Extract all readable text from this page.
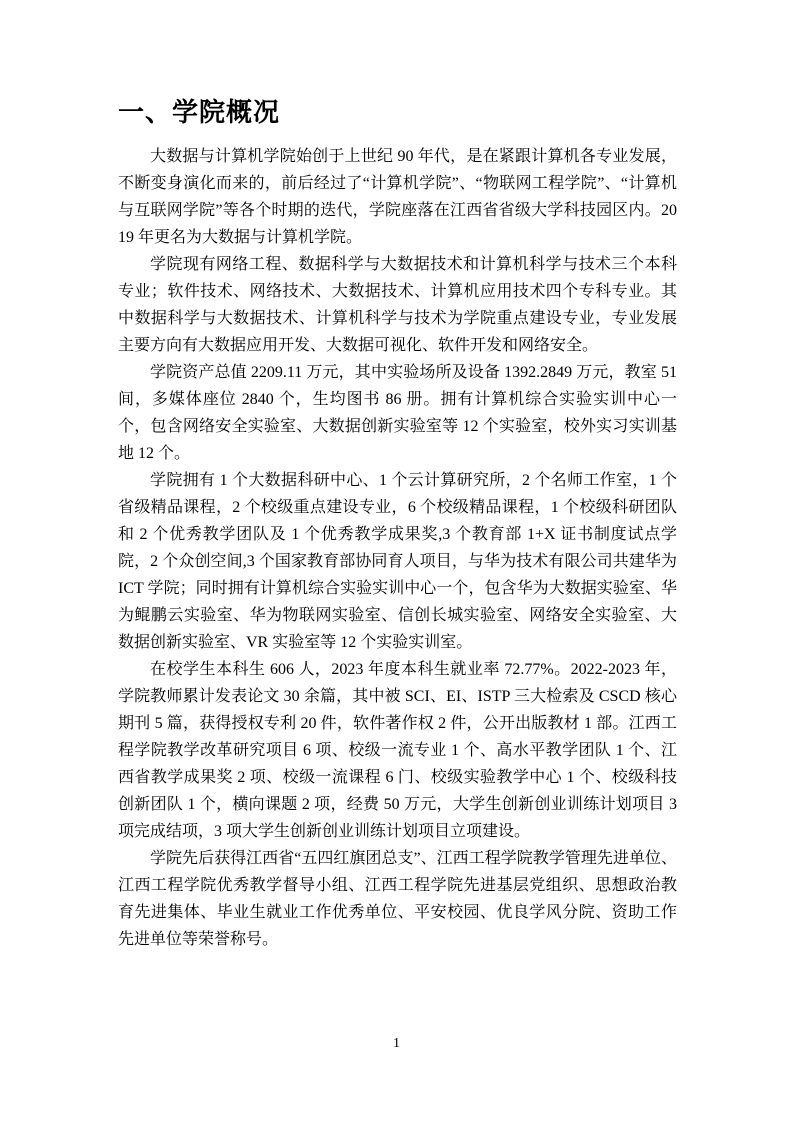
一、学院概况

大数据与计算机学院始创于上世纪 90 年代，是在紧跟计算机各专业发展，不断变身演化而来的，前后经过了“计算机学院”、“物联网工程学院”、“计算机与互联网学院”等各个时期的迭代，学院座落在江西省省级大学科技园区内。2019 年更名为大数据与计算机学院。

学院现有网络工程、数据科学与大数据技术和计算机科学与技术三个本科专业；软件技术、网络技术、大数据技术、计算机应用技术四个专科专业。其中数据科学与大数据技术、计算机科学与技术为学院重点建设专业，专业发展主要方向有大数据应用开发、大数据可视化、软件开发和网络安全。

学院资产总值 2209.11 万元，其中实验场所及设备 1392.2849 万元，教室 51 间，多媒体座位 2840 个，生均图书 86 册。拥有计算机综合实验实训中心一个，包含网络安全实验室、大数据创新实验室等 12 个实验室，校外实习实训基地 12 个。

学院拥有 1 个大数据科研中心、1 个云计算研究所，2 个名师工作室，1 个省级精品课程，2 个校级重点建设专业，6 个校级精品课程，1 个校级科研团队和 2 个优秀教学团队及 1 个优秀教学成果奖,3 个教育部 1+X 证书制度试点学院，2 个众创空间,3 个国家教育部协同育人项目，与华为技术有限公司共建华为 ICT 学院；同时拥有计算机综合实验实训中心一个，包含华为大数据实验室、华为鲲鹏云实验室、华为物联网实验室、信创长城实验室、网络安全实验室、大数据创新实验室、VR 实验室等 12 个实验实训室。

在校学生本科生 606 人，2023 年度本科生就业率 72.77%。2022-2023 年，学院教师累计发表论文 30 余篇，其中被 SCI、EI、ISTP 三大检索及 CSCD 核心期刊 5 篇，获得授权专利 20 件，软件著作权 2 件，公开出版教材 1 部。江西工程学院教学改革研究项目 6 项、校级一流专业 1 个、高水平教学团队 1 个、江西省教学成果奖 2 项、校级一流课程 6 门、校级实验教学中心 1 个、校级科技创新团队 1 个，横向课题 2 项，经费 50 万元，大学生创新创业训练计划项目 3 项完成结项，3 项大学生创新创业训练计划项目立项建设。

学院先后获得江西省“五四红旗团总支”、江西工程学院教学管理先进单位、江西工程学院优秀教学督导小组、江西工程学院先进基层党组织、思想政治教育先进集体、毕业生就业工作优秀单位、平安校园、优良学风分院、资助工作先进单位等荣誉称号。

1
